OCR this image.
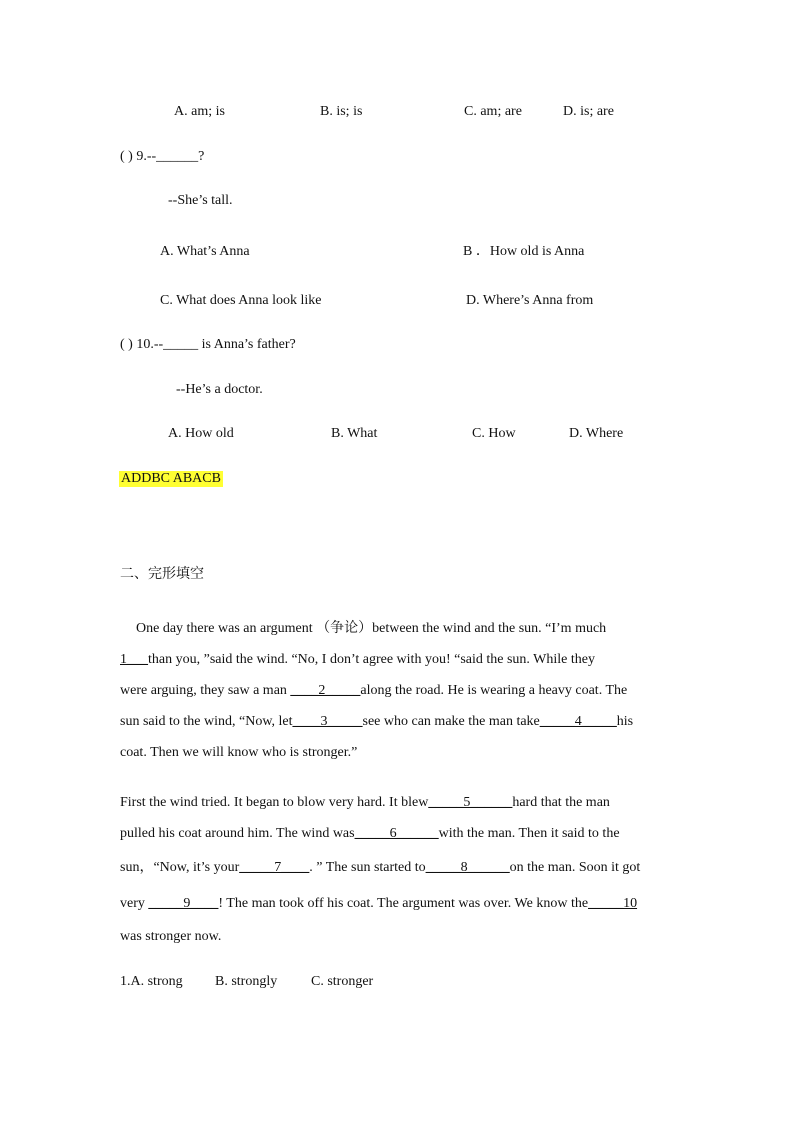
A. am; is	B. is; is	C. am; are	D. is; are
( ) 9.--______?
--She’s tall.
A. What’s Anna	B ．How old is Anna
C. What does Anna look like	D. Where’s Anna from
( ) 10.--_____ is Anna’s father?
--He’s a doctor.
A. How old	B. What	C. How	D. Where
ADDBC ABACB
二、完形填空
One day there was an argument （争论）between the wind and the sun. “I’m much
1___than you, ”said the wind. “No, I don’t agree with you! “said the sun. While they
were arguing, they saw a man ____2_____along the road. He is wearing a heavy coat. The
sun said to the wind, “Now, let____3_____see who can make the man take_____4_____his
coat. Then we will know who is stronger.”
First the wind tried. It began to blow very hard. It blew_____5______hard that the man
pulled his coat around him. The wind was_____6______with the man. Then it said to the
sun，“Now, it’s your_____7____. ” The sun started to_____8______on the man. Soon it got
very _____9____! The man took off his coat. The argument was over. We know the_____10
was stronger now.
1.A. strong B. strongly C. stronger
